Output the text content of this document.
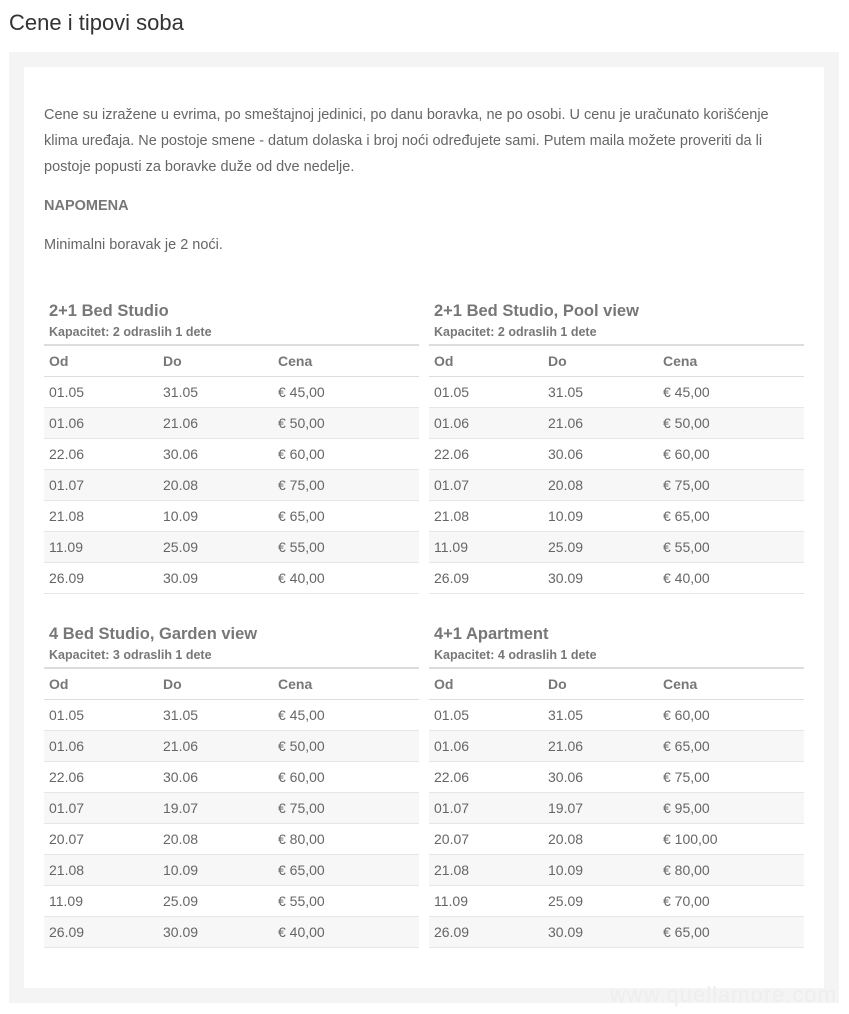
Cene i tipovi soba

Cene su izražene u evrima, po smeštajnoj jedinici, po danu boravka, ne po osobi. U cenu je uračunato korišćenje klima uređaja. Ne postoje smene - datum dolaska i broj noći određujete sami. Putem maila možete proveriti da li postoje popusti za boravke duže od dve nedelje.

NAPOMENA

Minimalni boravak je 2 noći.

2+1 Bed Studio
Kapacitet: 2 odraslih 1 dete
Od	Do	Cena
01.05	31.05	€ 45,00
01.06	21.06	€ 50,00
22.06	30.06	€ 60,00
01.07	20.08	€ 75,00
21.08	10.09	€ 65,00
11.09	25.09	€ 55,00
26.09	30.09	€ 40,00
2+1 Bed Studio, Pool view
Kapacitet: 2 odraslih 1 dete
Od	Do	Cena
01.05	31.05	€ 45,00
01.06	21.06	€ 50,00
22.06	30.06	€ 60,00
01.07	20.08	€ 75,00
21.08	10.09	€ 65,00
11.09	25.09	€ 55,00
26.09	30.09	€ 40,00
4 Bed Studio, Garden view
Kapacitet: 3 odraslih 1 dete
Od	Do	Cena
01.05	31.05	€ 45,00
01.06	21.06	€ 50,00
22.06	30.06	€ 60,00
01.07	19.07	€ 75,00
20.07	20.08	€ 80,00
21.08	10.09	€ 65,00
11.09	25.09	€ 55,00
26.09	30.09	€ 40,00
4+1 Apartment
Kapacitet: 4 odraslih 1 dete
Od	Do	Cena
01.05	31.05	€ 60,00
01.06	21.06	€ 65,00
22.06	30.06	€ 75,00
01.07	19.07	€ 95,00
20.07	20.08	€ 100,00
21.08	10.09	€ 80,00
11.09	25.09	€ 70,00
26.09	30.09	€ 65,00
www.quellamore.com
